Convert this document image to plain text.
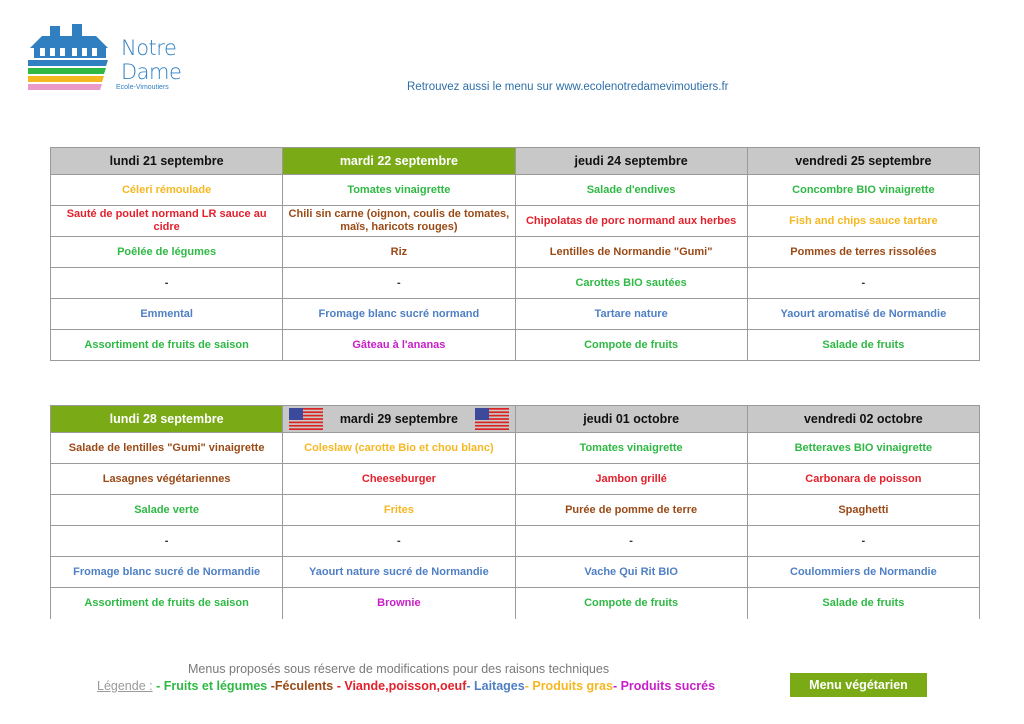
Notre
Dame
Ecole-Vimoutiers	Retrouvez aussi le menu sur www.ecolenotredamevimoutiers.fr
lundi 21 septembre	mardi 22 septembre	jeudi 24 septembre	vendredi 25 septembre

Céleri rémoulade	Tomates vinaigrette	Salade d'endives	Concombre BIO vinaigrette
Sauté de poulet normand LR sauce au cidre	Chili sin carne (oignon, coulis de tomates, maïs, haricots rouges)	Chipolatas de porc normand aux herbes	Fish and chips sauce tartare
Poêlée de légumes	Riz	Lentilles de Normandie "Gumi"	Pommes de terres rissolées
-	-	Carottes BIO sautées	-
Emmental	Fromage blanc sucré normand	Tartare nature	Yaourt aromatisé de Normandie
Assortiment de fruits de saison	Gâteau à l'ananas	Compote de fruits	Salade de fruits
lundi 28 septembre	mardi 29 septembre	jeudi 01 octobre	vendredi 02 octobre

Salade de lentilles "Gumi" vinaigrette	Coleslaw (carotte Bio et chou blanc)	Tomates vinaigrette	Betteraves BIO vinaigrette
Lasagnes végétariennes	Cheeseburger	Jambon grillé	Carbonara de poisson
Salade verte	Frites	Purée de pomme de terre	Spaghetti
-	-	-	-
Fromage blanc sucré de Normandie	Yaourt nature sucré de Normandie	Vache Qui Rit BIO	Coulommiers de Normandie
Assortiment de fruits de saison	Brownie	Compote de fruits	Salade de fruits
Menus proposés sous réserve de modifications pour des raisons techniques
Légende : - Fruits et légumes -Féculents - Viande,poisson,oeuf- Laitages- Produits gras- Produits sucrés	Menu végétarien
